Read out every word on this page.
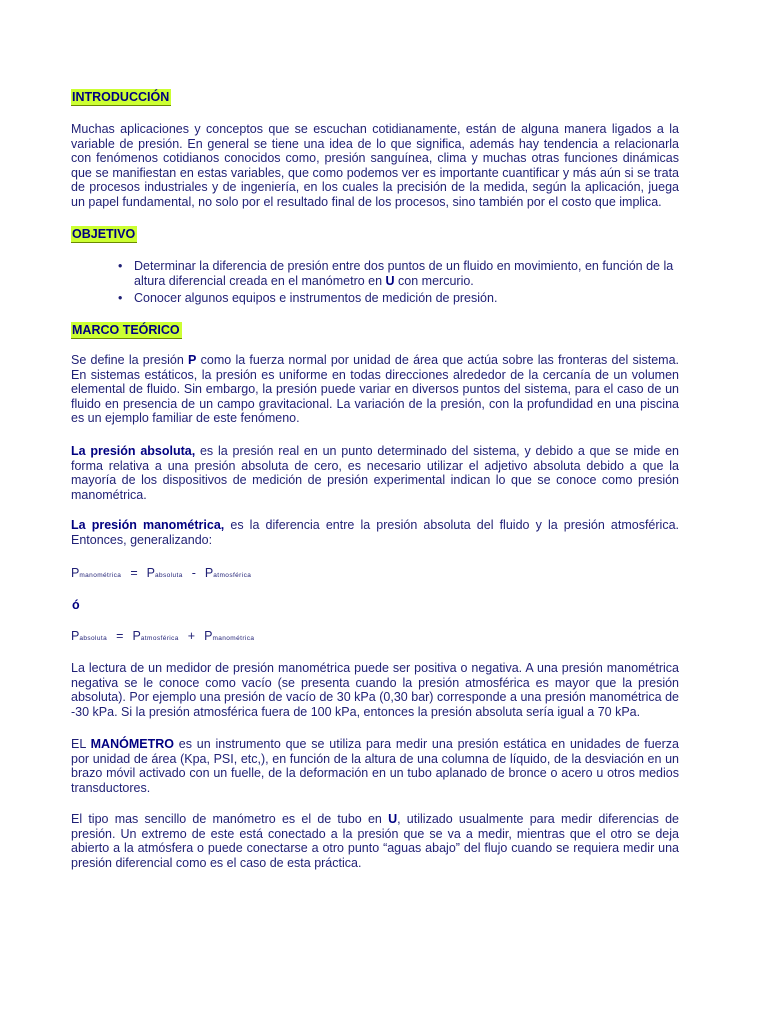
INTRODUCCIÓN

Muchas aplicaciones y conceptos que se escuchan cotidianamente, están de alguna manera ligados a la variable de presión. En general se tiene una idea de lo que significa, además hay tendencia a relacionarla con fenómenos cotidianos conocidos como, presión sanguínea, clima y muchas otras funciones dinámicas que se manifiestan en estas variables, que como podemos ver es importante cuantificar y más aún si se trata de procesos industriales y de ingeniería, en los cuales la precisión de la medida, según la aplicación, juega un papel fundamental, no solo por el resultado final de los procesos, sino también por el costo que implica.

OBJETIVO
• Determinar la diferencia de presión entre dos puntos de un fluido en movimiento, en función de la altura diferencial creada en el manómetro en U con mercurio.
• Conocer algunos equipos e instrumentos de medición de presión.
MARCO TEÓRICO

Se define la presión P como la fuerza normal por unidad de área que actúa sobre las fronteras del sistema. En sistemas estáticos, la presión es uniforme en todas direcciones alrededor de la cercanía de un volumen elemental de fluido. Sin embargo, la presión puede variar en diversos puntos del sistema, para el caso de un fluido en presencia de un campo gravitacional. La variación de la presión, con la profundidad en una piscina es un ejemplo familiar de este fenómeno.

La presión absoluta, es la presión real en un punto determinado del sistema, y debido a que se mide en forma relativa a una presión absoluta de cero, es necesario utilizar el adjetivo absoluta debido a que la mayoría de los dispositivos de medición de presión experimental indican lo que se conoce como presión manométrica.

La presión manométrica, es la diferencia entre la presión absoluta del fluido y la presión atmosférica. Entonces, generalizando:

Pmanométrica = Pabsoluta - Patmosférica
ó
Pabsoluta = Patmosférica + Pmanométrica

La lectura de un medidor de presión manométrica puede ser positiva o negativa. A una presión manométrica negativa se le conoce como vacío (se presenta cuando la presión atmosférica es mayor que la presión absoluta). Por ejemplo una presión de vacío de 30 kPa (0,30 bar) corresponde a una presión manométrica de -30 kPa. Si la presión atmosférica fuera de 100 kPa, entonces la presión absoluta sería igual a 70 kPa.

EL MANÓMETRO es un instrumento que se utiliza para medir una presión estática en unidades de fuerza por unidad de área (Kpa, PSI, etc,), en función de la altura de una columna de líquido, de la desviación en un brazo móvil activado con un fuelle, de la deformación en un tubo aplanado de bronce o acero u otros medios transductores.

El tipo mas sencillo de manómetro es el de tubo en U, utilizado usualmente para medir diferencias de presión. Un extremo de este está conectado a la presión que se va a medir, mientras que el otro se deja abierto a la atmósfera o puede conectarse a otro punto “aguas abajo” del flujo cuando se requiera medir una presión diferencial como es el caso de esta práctica.
